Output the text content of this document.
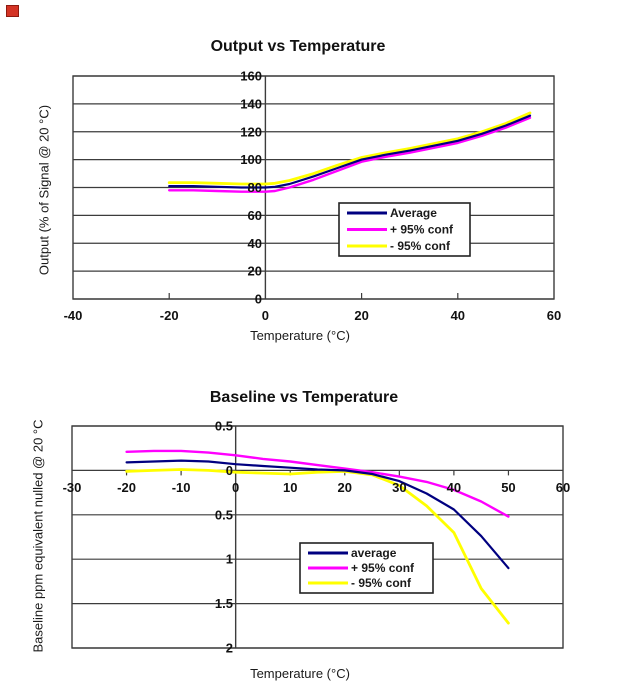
160
140
120
100
80
60
40
20
0
-40	-20	0	20	40	60
Average
+ 95% conf
- 95% conf
0.5
0
0.5
1
1.5
2
-30	-20	-10	0	10	20	30	40	50	60
average
+ 95% conf
- 95% conf
Output vs Temperature
Temperature (°C)
Output (% of Signal @ 20 °C)
Baseline vs Temperature
Temperature (°C)
Baseline ppm equivalent nulled @ 20 °C
